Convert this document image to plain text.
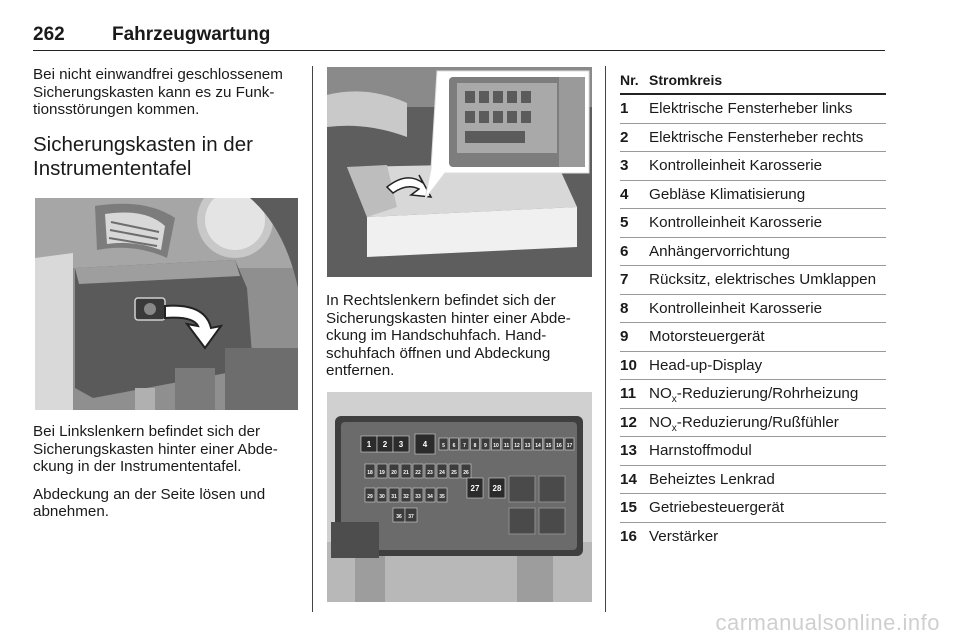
262 Fahrzeugwartung

Bei nicht einwandfrei geschlossenem Sicherungskasten kann es zu Funk-tionsstörungen kommen.

Sicherungskasten in der Instrumententafel

Bei Linkslenkern befindet sich der Sicherungskasten hinter einer Abde-ckung in der Instrumententafel.

Abdeckung an der Seite lösen und abnehmen.

In Rechtslenkern befindet sich der Sicherungskasten hinter einer Abde-ckung im Handschuhfach. Hand-schuhfach öffnen und Abdeckung entfernen.

1 2 3 4	5 6 7 8 9 10 11 12 13 14 15 16 17
18 19 20 21 22 23 24 25 26
27 28
29 30 31 32 33 34 35
36 37
Nr. Stromkreis
1 Elektrische Fensterheber links
2 Elektrische Fensterheber rechts
3 Kontrolleinheit Karosserie
4 Gebläse Klimatisierung
5 Kontrolleinheit Karosserie
6 Anhängervorrichtung
7 Rücksitz, elektrisches Umklappen
8 Kontrolleinheit Karosserie
9 Motorsteuergerät
10 Head-up-Display
11 $NO_x-Reduzierung$/Rohrheizung
12 $NO_x-Reduzierung$/Rußfühler
13 Harnstoffmodul
14 Beheiztes Lenkrad
15 Getriebesteuergerät
16 Verstärker
carmanualsonline.info
